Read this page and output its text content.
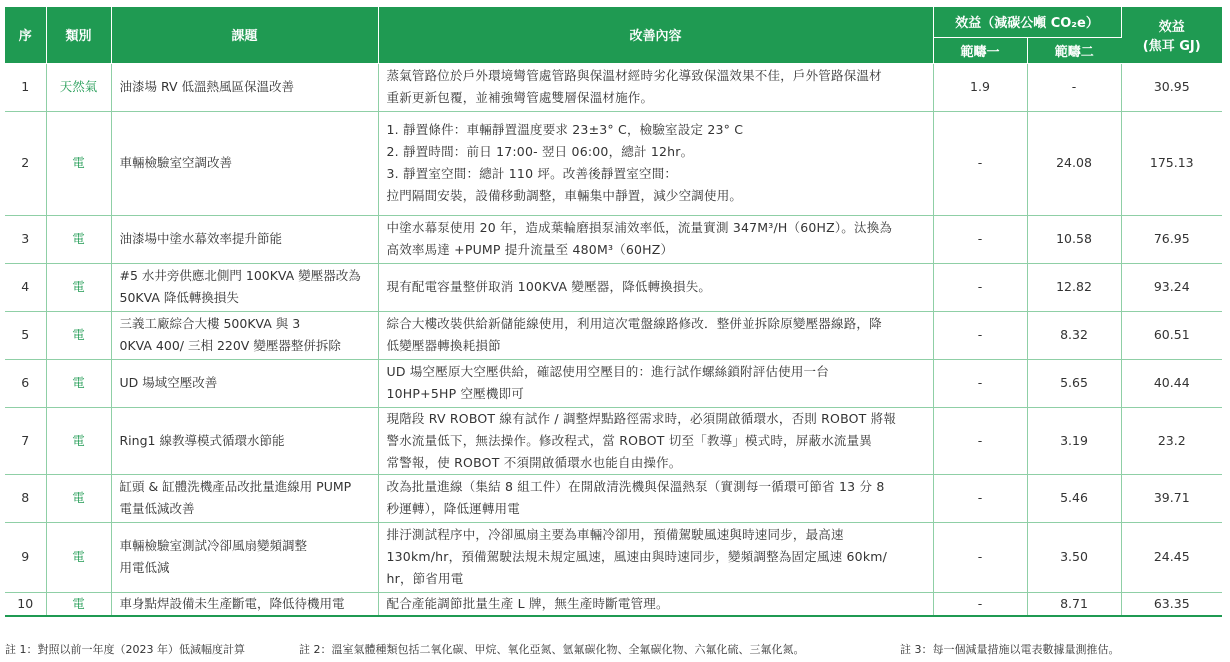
序	類別	課題	改善內容	效益（減碳公噸 CO₂e）		效益
(焦耳 GJ)

				範疇一	範疇二	
1	天然氣	油漆場 RV 低溫熱風區保溫改善	蒸氣管路位於戶外環境彎管處管路與保溫材經時劣化導致保溫效果不佳，戶外管路保溫材
重新更新包覆，並補強彎管處雙層保溫材施作。	1.9	-	30.95
2	電	車輛檢驗室空調改善	1. 靜置條件：車輛靜置溫度要求 23±3° C，檢驗室設定 23° C
2. 靜置時間：前日 17:00- 翌日 06:00，總計 12hr。
3. 靜置室空間：總計 110 坪。改善後靜置室空間：
拉門隔間安裝，設備移動調整，車輛集中靜置，減少空調使用。	-	24.08	175.13
3	電	油漆場中塗水幕效率提升節能	中塗水幕泵使用 20 年，造成葉輪磨損泵浦效率低，流量實測 347M³/H（60HZ）。汰換為
高效率馬達 +PUMP 提升流量至 480M³（60HZ）	-	10.58	76.95
4	電	#5 水井旁供應北側門 100KVA 變壓器改為
50KVA 降低轉換損失	現有配電容量整併取消 100KVA 變壓器，降低轉換損失。	-	12.82	93.24
5	電	三義工廠綜合大樓 500KVA 與 3
0KVA 400/ 三相 220V 變壓器整併拆除	綜合大樓改裝供給新儲能線使用，利用這次電盤線路修改．整併並拆除原變壓器線路，降
低變壓器轉換耗損節	-	8.32	60.51
6	電	UD 場域空壓改善	UD 場空壓原大空壓供給，確認使用空壓目的：進行試作螺絲鎖附評估使用一台
10HP+5HP 空壓機即可	-	5.65	40.44
7	電	Ring1 線教導模式循環水節能	現階段 RV ROBOT 線有試作 / 調整焊點路徑需求時，必須開啟循環水，否則 ROBOT 將報
警水流量低下，無法操作。修改程式，當 ROBOT 切至「教導」模式時，屏蔽水流量異
常警報，使 ROBOT 不須開啟循環水也能自由操作。	-	3.19	23.2
8	電	缸頭 & 缸體洗機產品改批量進線用 PUMP
電量低減改善	改為批量進線（集結 8 組工件）在開啟清洗機與保溫熱泵（實測每一循環可節省 13 分 8
秒運轉），降低運轉用電	-	5.46	39.71
9	電	車輛檢驗室測試冷卻風扇變頻調整
用電低減	排汙測試程序中，冷卻風扇主要為車輛冷卻用，預備駕駛風速與時速同步，最高速
130km/hr，預備駕駛法規未規定風速，風速由與時速同步，變頻調整為固定風速 60km/
hr，節省用電	-	3.50	24.45
10	電	車身點焊設備未生產斷電，降低待機用電	配合產能調節批量生產 L 牌，無生產時斷電管理。	-	8.71	63.35
註 1：對照以前一年度（2023 年）低減幅度計算	註 2：溫室氣體種類包括二氧化碳、甲烷、氧化亞氮、氫氟碳化物、全氟碳化物、六氟化硫、三氟化氮。	註 3：每一個減量措施以電表數據量測推估。
